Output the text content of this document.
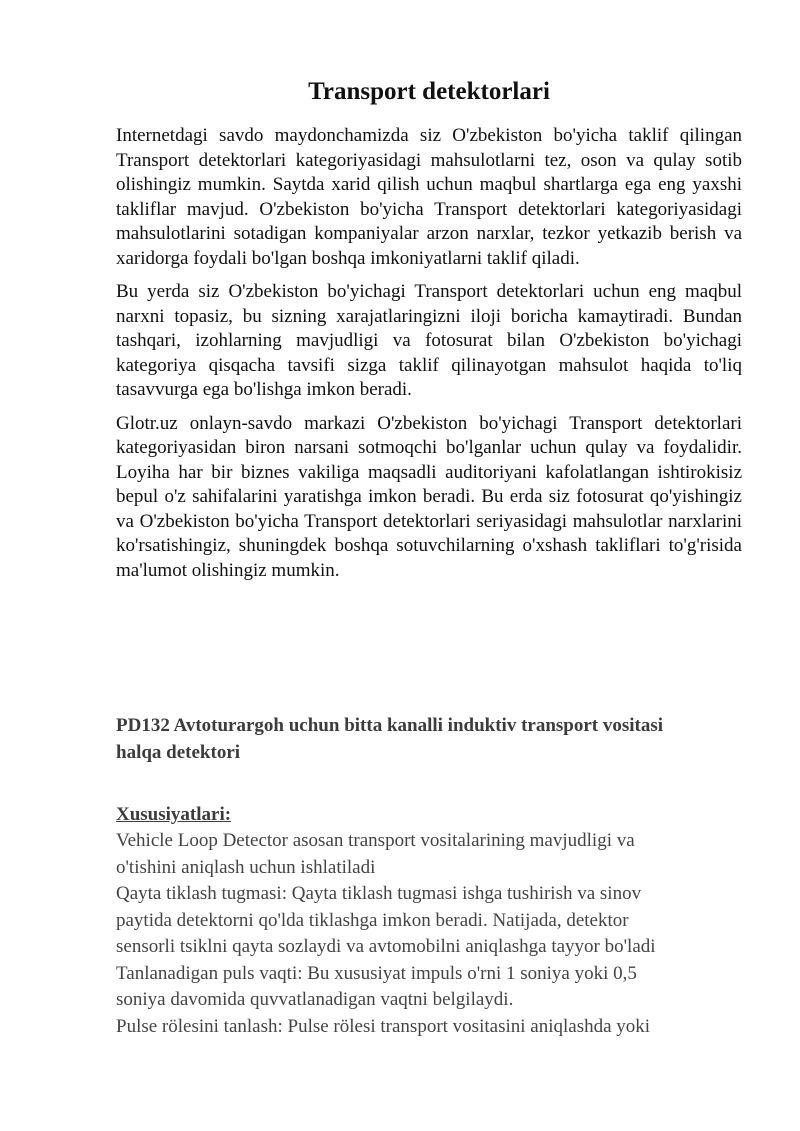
Transport detektorlari

Internetdagi savdo maydonchamizda siz O'zbekiston bo'yicha taklif qilingan Transport detektorlari kategoriyasidagi mahsulotlarni tez, oson va qulay sotib olishingiz mumkin. Saytda xarid qilish uchun maqbul shartlarga ega eng yaxshi takliflar mavjud. O'zbekiston bo'yicha Transport detektorlari kategoriyasidagi mahsulotlarini sotadigan kompaniyalar arzon narxlar, tezkor yetkazib berish va xaridorga foydali bo'lgan boshqa imkoniyatlarni taklif qiladi.

Bu yerda siz O'zbekiston bo'yichagi Transport detektorlari uchun eng maqbul narxni topasiz, bu sizning xarajatlaringizni iloji boricha kamaytiradi. Bundan tashqari, izohlarning mavjudligi va fotosurat bilan O'zbekiston bo'yichagi kategoriya qisqacha tavsifi sizga taklif qilinayotgan mahsulot haqida to'liq tasavvurga ega bo'lishga imkon beradi.

Glotr.uz onlayn-savdo markazi O'zbekiston bo'yichagi Transport detektorlari kategoriyasidan biron narsani sotmoqchi bo'lganlar uchun qulay va foydalidir. Loyiha har bir biznes vakiliga maqsadli auditoriyani kafolatlangan ishtirokisiz bepul o'z sahifalarini yaratishga imkon beradi. Bu erda siz fotosurat qo'yishingiz va O'zbekiston bo'yicha Transport detektorlari seriyasidagi mahsulotlar narxlarini ko'rsatishingiz, shuningdek boshqa sotuvchilarning o'xshash takliflari to'g'risida ma'lumot olishingiz mumkin.

PD132 Avtoturargoh uchun bitta kanalli induktiv transport vositasi
halqa detektori
Xususiyatlari:
Vehicle Loop Detector asosan transport vositalarining mavjudligi va
o'tishini aniqlash uchun ishlatiladi
Qayta tiklash tugmasi: Qayta tiklash tugmasi ishga tushirish va sinov
paytida detektorni qo'lda tiklashga imkon beradi. Natijada, detektor
sensorli tsiklni qayta sozlaydi va avtomobilni aniqlashga tayyor bo'ladi
Tanlanadigan puls vaqti: Bu xususiyat impuls o'rni 1 soniya yoki 0,5
soniya davomida quvvatlanadigan vaqtni belgilaydi.
Pulse rölesini tanlash: Pulse rölesi transport vositasini aniqlashda yoki
